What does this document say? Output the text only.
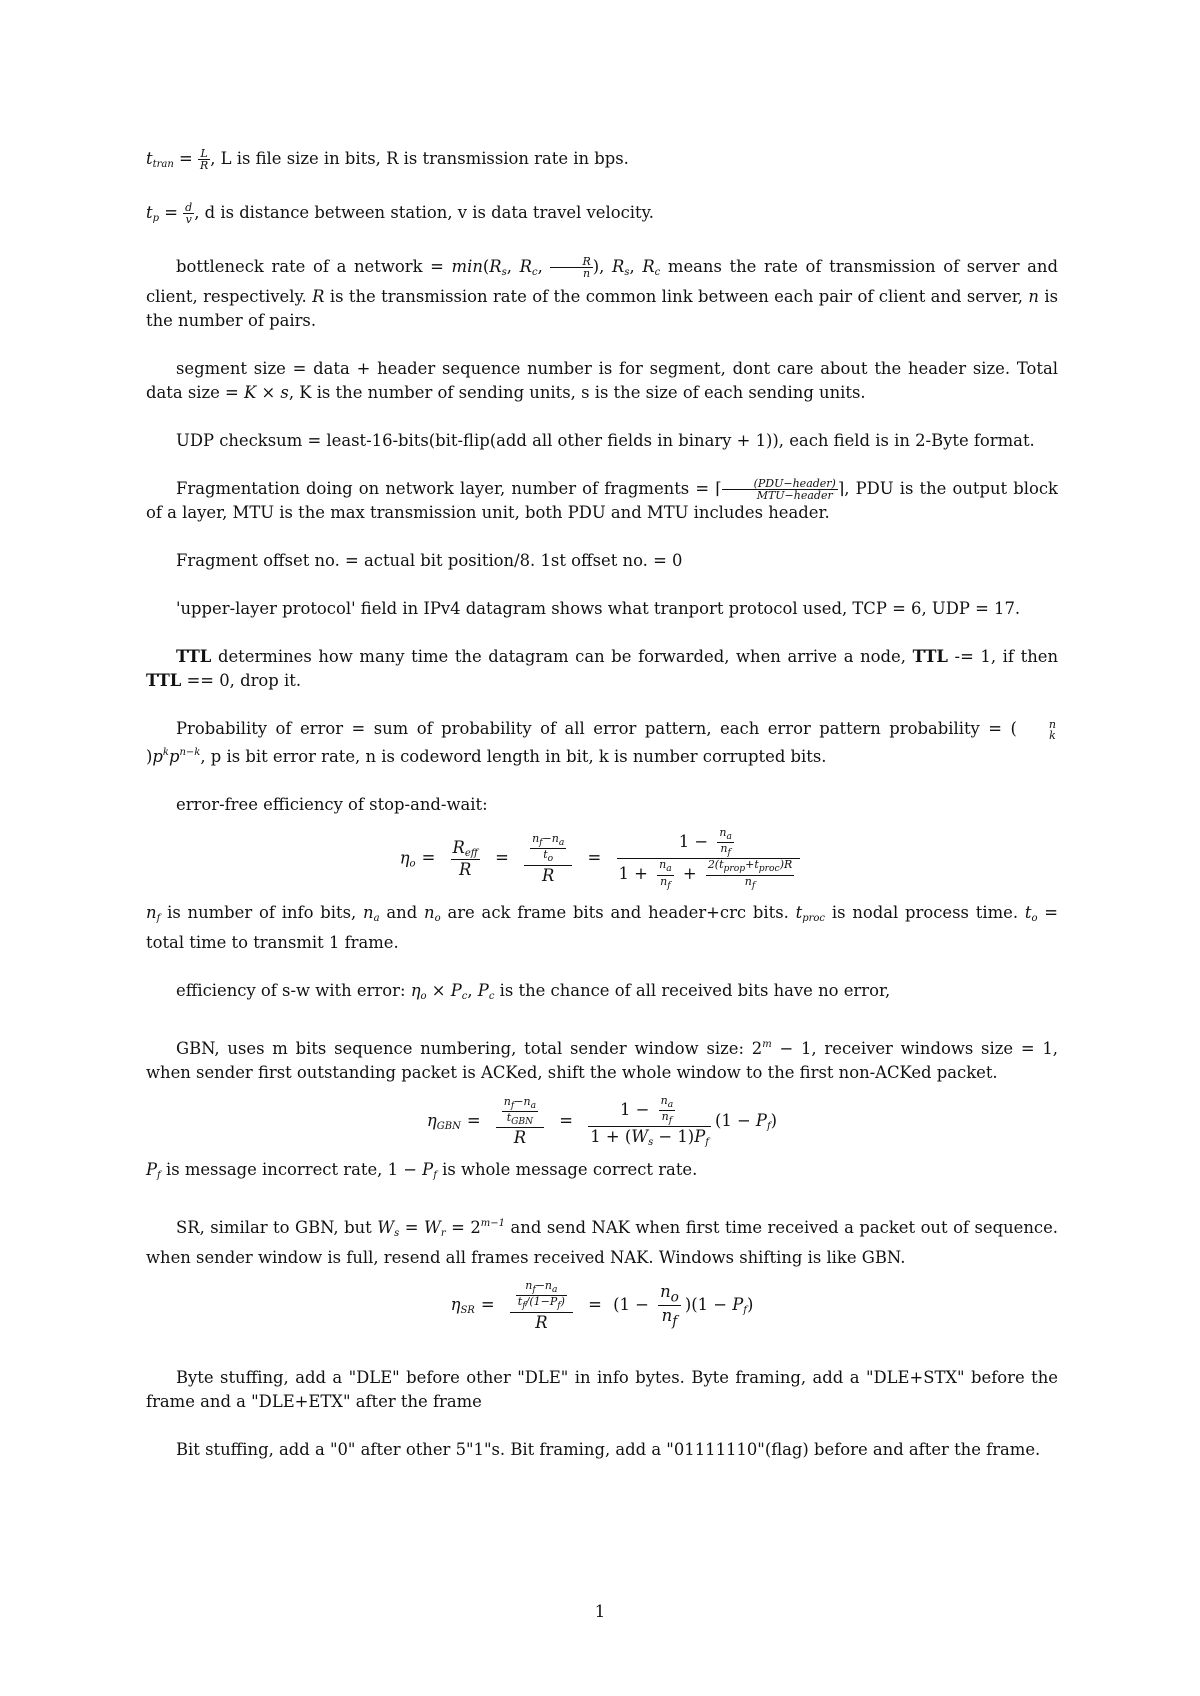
$t_{tran} = \frac{L}{R}$ , L is file size in bits, R is transmission rate in bps.

$t_p = \frac{d}{v}$ , d is distance between station, v is data travel velocity.

bottleneck rate of a network = $\min(R_s$, $R_c$, $\frac{R}{n}$ ), $R_s$, $R_c$ means the rate of transmission of server and client, respectively. R is the transmission rate of the common link between each pair of client and server, n is the number of pairs.

segment size = data + header sequence number is for segment, dont care about the header size. Total data size = K × s, K is the number of sending units, s is the size of each sending units.

UDP checksum = least-16-bits(bit-flip(add all other fields in binary + 1)), each field is in 2-Byte format.

Fragmentation doing on network layer, number of fragments = ⌈ $\frac{\text{(PDU−header)}}{\text{MTU−header}}$ ⌉, PDU is the output block of a layer, MTU is the max transmission unit, both PDU and MTU includes header.

Fragment offset no. = actual bit position/8. 1st offset no. = 0

'upper-layer protocol' field in IPv4 datagram shows what tranport protocol used, TCP = 6, UDP = 17.

TTL determines how many time the datagram can be forwarded, when arrive a node, TTL -= 1, if then TTL == 0, drop it.

Probability of error = sum of probability of all error pattern, each error pattern probability = (	n
k
)$p^kp^{n-k}$, p is bit error rate, n is codeword length in bit, k is number corrupted bits.

error-free efficiency of stop-and-wait:

$\eta_o = \frac{R_{eff}}{R} = \frac{\frac{n_f-n_a}{t_o}}{R} = \frac{1 - \frac{n_a}{n_f}}{1 + \frac{n_a}{n_f} + \frac{2(t_{prop}+t_{proc})R}{n_f}}$

$n_f$ is number of info bits, $n_a$ and $n_o$ are ack frame bits and header+crc bits. $t_{proc}$ is nodal process time. $t_o$ = total time to transmit 1 frame.

efficiency of s-w with error: $\eta_o \times P_c$, $P_c$ is the chance of all received bits have no error,

GBN, uses m bits sequence numbering, total sender window size: $2^m - 1$, receiver windows size = 1, when sender first outstanding packet is ACKed, shift the whole window to the first non-ACKed packet.

$\eta_{GBN} = \frac{\frac{n_f-n_a}{t_{GBN}}}{R} = \frac{1 - \frac{n_a}{n_f}}{1 + (W_s - 1)P_f} (1 - P_f)$

$P_f$ is message incorrect rate, $1 - P_f$ is whole message correct rate.

SR, similar to GBN, but $W_s = W_r = 2^{m-1}$ and send NAK when first time received a packet out of sequence. when sender window is full, resend all frames received NAK. Windows shifting is like GBN.

$\eta_{SR} = \frac{\frac{n_f-n_a}{t_f/(1-P_f)}}{R} = (1 - \frac{n_o}{n_f} )(1 - P_f)$

Byte stuffing, add a "DLE" before other "DLE" in info bytes. Byte framing, add a "DLE+STX" before the frame and a "DLE+ETX" after the frame

Bit stuffing, add a "0" after other 5"1"s. Bit framing, add a "01111110"(flag) before and after the frame.

1
